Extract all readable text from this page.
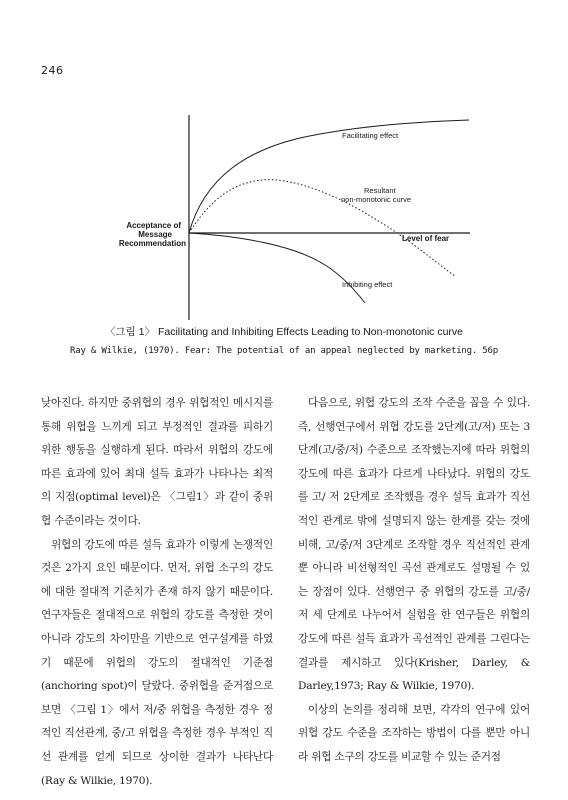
246
Acceptance of
Message
Recommendation
Level of fear
Facilitating effect
Resultant
non-monotonic curve
Inhibiting effect
〈그림 1〉 Facilitating and Inhibiting Effects Leading to Non-monotonic curve
Ray & Wilkie, (1970). Fear: The potential of an appeal neglected by marketing. 56p

낮아진다. 하지만 중위협의 경우 위협적인 메시지를 통해 위협을 느끼게 되고 부정적인 결과를 피하기 위한 행동을 실행하게 된다. 따라서 위협의 강도에 따른 효과에 있어 최대 설득 효과가 나타나는 최적의 지점(optimal level)은 〈그림1〉과 같이 중위협 수준이라는 것이다.

위협의 강도에 따른 설득 효과가 이렇게 논쟁적인 것은 2가지 요인 때문이다. 먼저, 위협 소구의 강도에 대한 절대적 기준치가 존재 하지 않기 때문이다. 연구자들은 절대적으로 위협의 강도를 측정한 것이 아니라 강도의 차이만을 기반으로 연구설계를 하였기 때문에 위협의 강도의 절대적인 기준점(anchoring spot)이 달랐다. 중위협을 준거점으로 보면 〈그림 1〉에서 저/중 위협을 측정한 경우 정적인 직선관계, 중/고 위협을 측정한 경우 부적인 직선 관계를 얻게 되므로 상이한 결과가 나타난다(Ray & Wilkie, 1970).

다음으로, 위협 강도의 조작 수준을 꼽을 수 있다. 즉, 선행연구에서 위협 강도를 2단계(고/저) 또는 3단계(고/중/저) 수준으로 조작했는지에 따라 위협의 강도에 따른 효과가 다르게 나타났다. 위협의 강도를 고/ 저 2단계로 조작했을 경우 설득 효과가 직선적인 관계로 밖에 설명되지 않는 한계를 갖는 것에 비해, 고/중/저 3단계로 조작할 경우 직선적인 관계 뿐 아니라 비선형적인 곡선 관계로도 설명될 수 있는 장점이 있다. 선행연구 중 위협의 강도를 고/중/저 세 단계로 나누어서 실험을 한 연구들은 위협의 강도에 따른 설득 효과가 곡선적인 관계를 그린다는 결과를 제시하고 있다(Krisher, Darley, & Darley,1973; Ray & Wilkie, 1970).

이상의 논의를 정리해 보면, 각각의 연구에 있어 위협 강도 수준을 조작하는 방법이 다를 뿐만 아니라 위협 소구의 강도를 비교할 수 있는 준거점
